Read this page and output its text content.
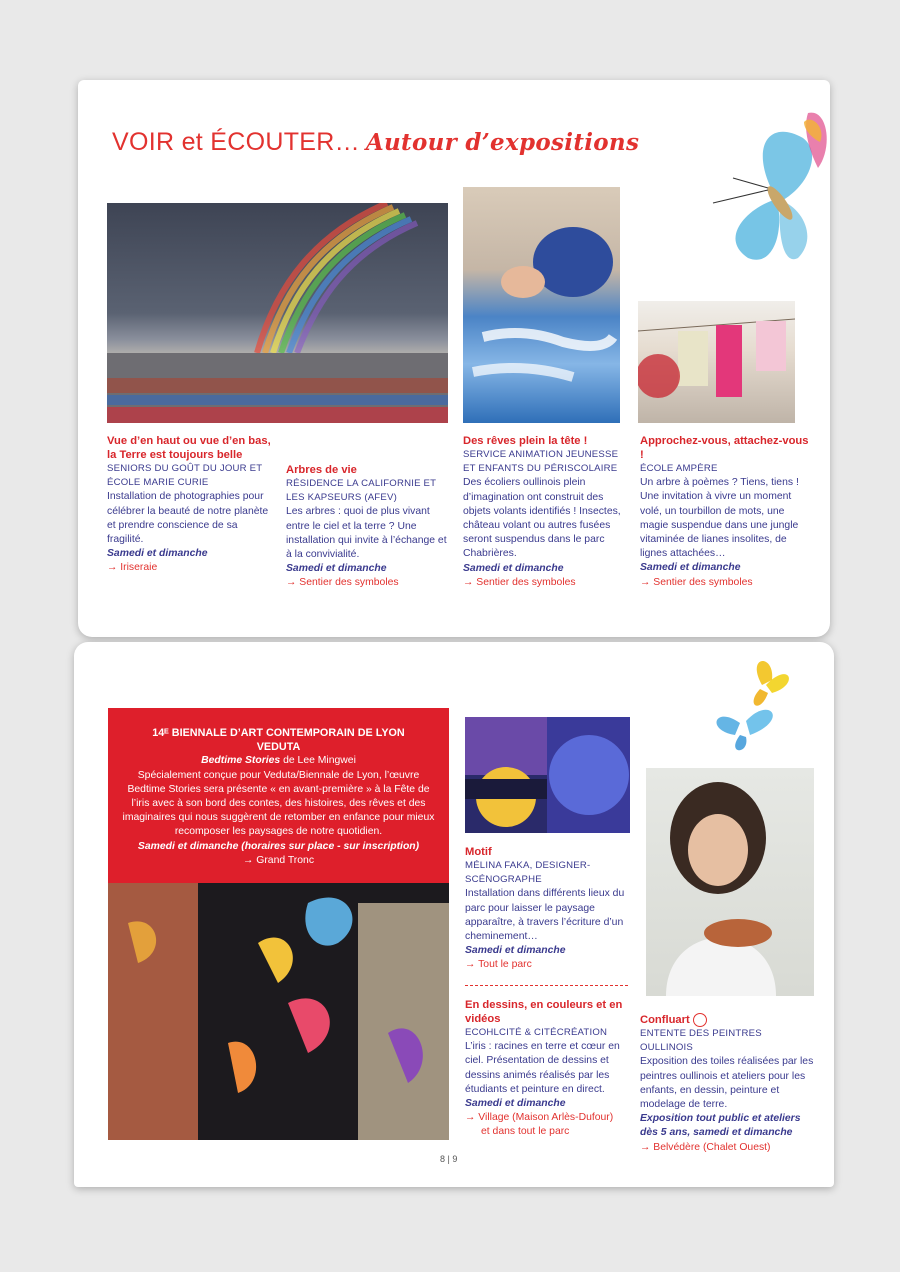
VOIR et ÉCOUTER… Autour d’expositions
Vue d’en haut ou vue d’en bas, la Terre est toujours belle
SENIORS DU GOÛT DU JOUR ET ÉCOLE MARIE CURIE
Installation de photographies pour célébrer la beauté de notre planète et prendre conscience de sa fragilité.
Samedi et dimanche
→ Iriseraie
Arbres de vie
RÉSIDENCE LA CALIFORNIE ET LES KAPSEURS (AFEV)
Les arbres : quoi de plus vivant entre le ciel et la terre ? Une installation qui invite à l’échange et à la convivialité.
Samedi et dimanche
→ Sentier des symboles
Des rêves plein la tête !
SERVICE ANIMATION JEUNESSE ET ENFANTS DU PÉRISCOLAIRE
Des écoliers oullinois plein d’imagination ont construit des objets volants identifiés ! Insectes, château volant ou autres fusées seront suspendus dans le parc Chabrières.
Samedi et dimanche
→ Sentier des symboles
Approchez-vous, attachez-vous !
ÉCOLE AMPÈRE
Un arbre à poèmes ? Tiens, tiens ! Une invitation à vivre un moment volé, un tourbillon de mots, une magie suspendue dans une jungle vitaminée de lianes insolites, de lignes attachées…
Samedi et dimanche
→ Sentier des symboles
14ᴱ BIENNALE D’ART CONTEMPORAIN DE LYON
VEDUTA
Bedtime Stories de Lee Mingwei
Spécialement conçue pour Veduta/Biennale de Lyon, l’œuvre Bedtime Stories sera présente « en avant-première » à la Fête de l’iris avec à son bord des contes, des histoires, des rêves et des imaginaires qui nous suggèrent de retomber en enfance pour mieux recomposer les paysages de notre quotidien.
Samedi et dimanche (horaires sur place - sur inscription)
→ Grand Tronc
Motif
MÉLINA FAKA, DESIGNER-SCÉNOGRAPHE
Installation dans différents lieux du parc pour laisser le paysage apparaître, à travers l’écriture d’un cheminement…
Samedi et dimanche
→ Tout le parc
En dessins, en couleurs et en vidéos
ECOHLCITÉ & CITÉCRÉATION
L’iris : racines en terre et cœur en ciel. Présentation de dessins et dessins animés réalisés par les étudiants et peinture en direct.
Samedi et dimanche
→ Village (Maison Arlès-Dufour)
et dans tout le parc
Confluart
ENTENTE DES PEINTRES OULLINOIS
Exposition des toiles réalisées par les peintres oullinois et ateliers pour les enfants, en dessin, peinture et modelage de terre.
Exposition tout public et ateliers dès 5 ans, samedi et dimanche
→ Belvédère (Chalet Ouest)
8 | 9
